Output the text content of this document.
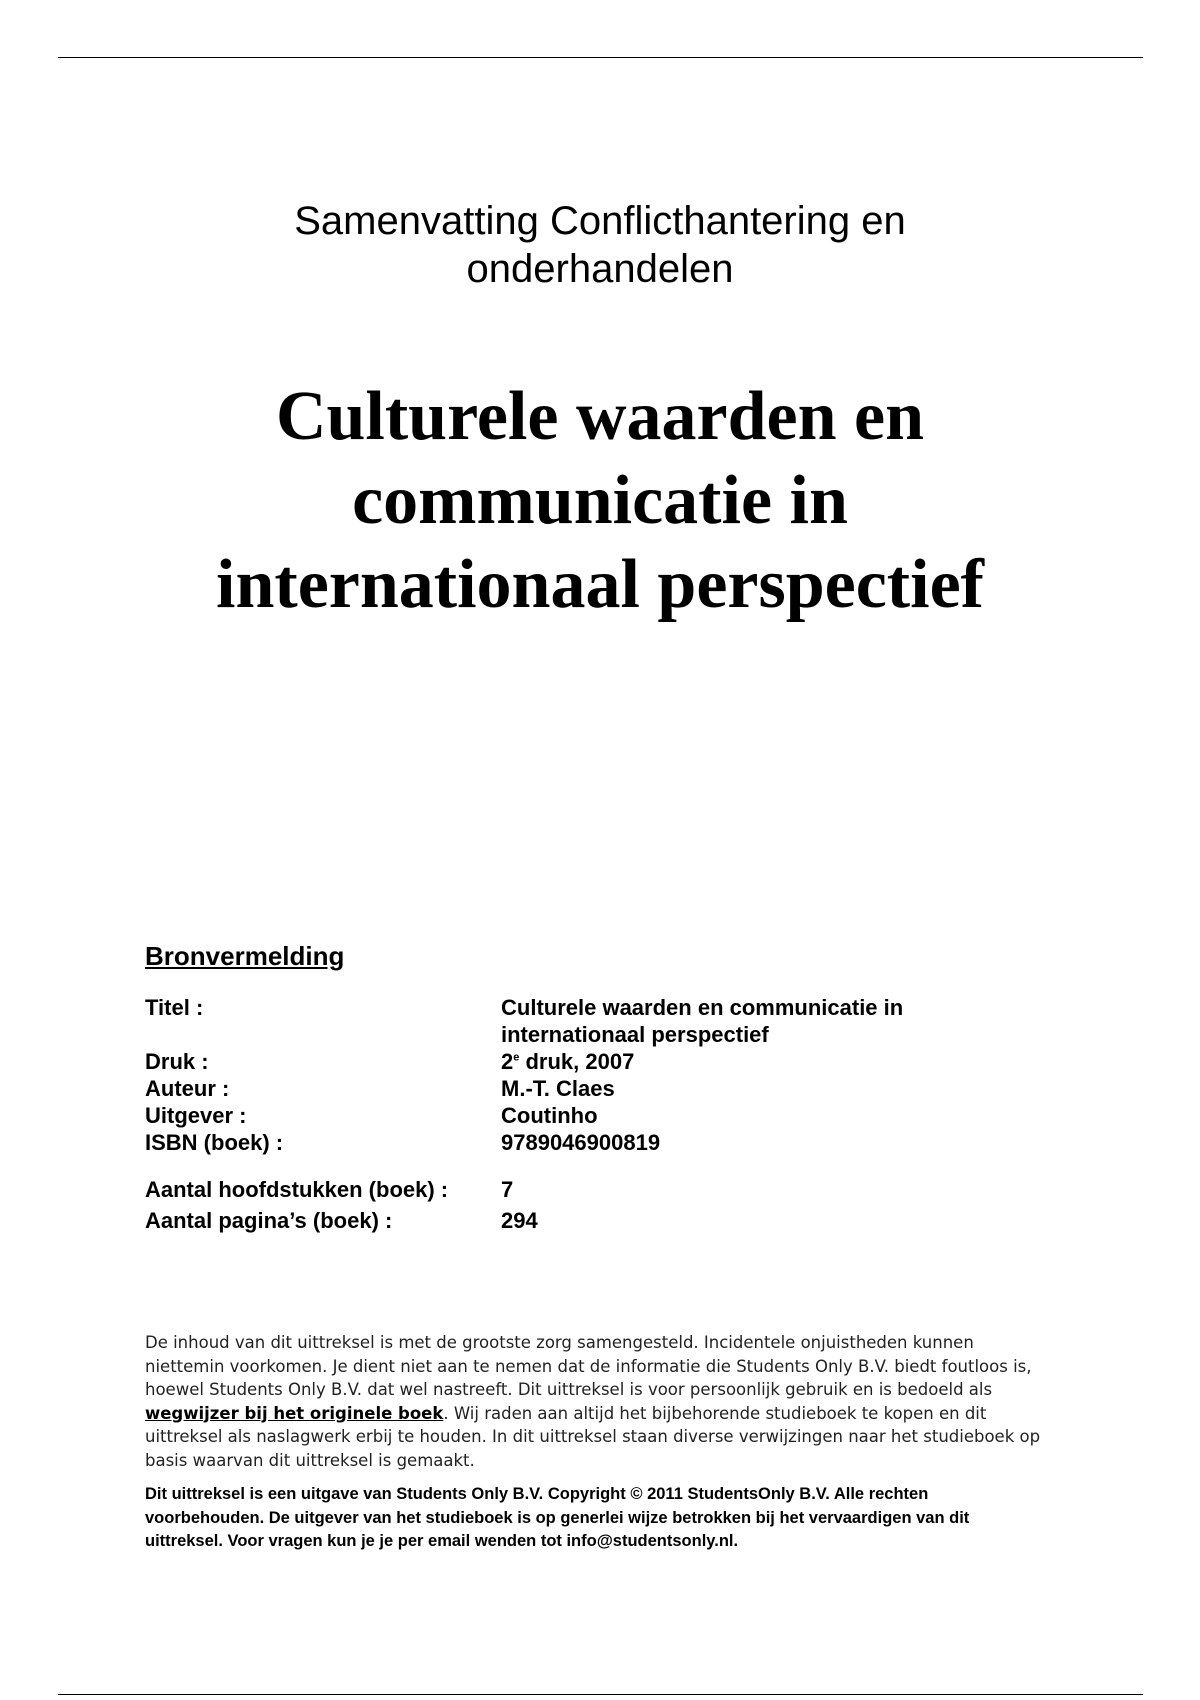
Samenvatting Conflicthantering en
onderhandelen
Culturele waarden en
communicatie in
internationaal perspectief
Bronvermelding
Titel :	Culturele waarden en communicatie in
internationaal perspectief
Druk :	2e druk, 2007
Auteur :	M.-T. Claes
Uitgever :	Coutinho
ISBN (boek) :	9789046900819
Aantal hoofdstukken (boek) :	7
Aantal pagina’s (boek) :	294
De inhoud van dit uittreksel is met de grootste zorg samengesteld. Incidentele onjuistheden kunnen niettemin voorkomen. Je dient niet aan te nemen dat de informatie die Students Only B.V. biedt foutloos is, hoewel Students Only B.V. dat wel nastreeft. Dit uittreksel is voor persoonlijk gebruik en is bedoeld als wegwijzer bij het originele boek. Wij raden aan altijd het bijbehorende studieboek te kopen en dit uittreksel als naslagwerk erbij te houden. In dit uittreksel staan diverse verwijzingen naar het studieboek op basis waarvan dit uittreksel is gemaakt.
Dit uittreksel is een uitgave van Students Only B.V. Copyright © 2011 StudentsOnly B.V. Alle rechten voorbehouden. De uitgever van het studieboek is op generlei wijze betrokken bij het vervaardigen van dit uittreksel. Voor vragen kun je je per email wenden tot info@studentsonly.nl.
